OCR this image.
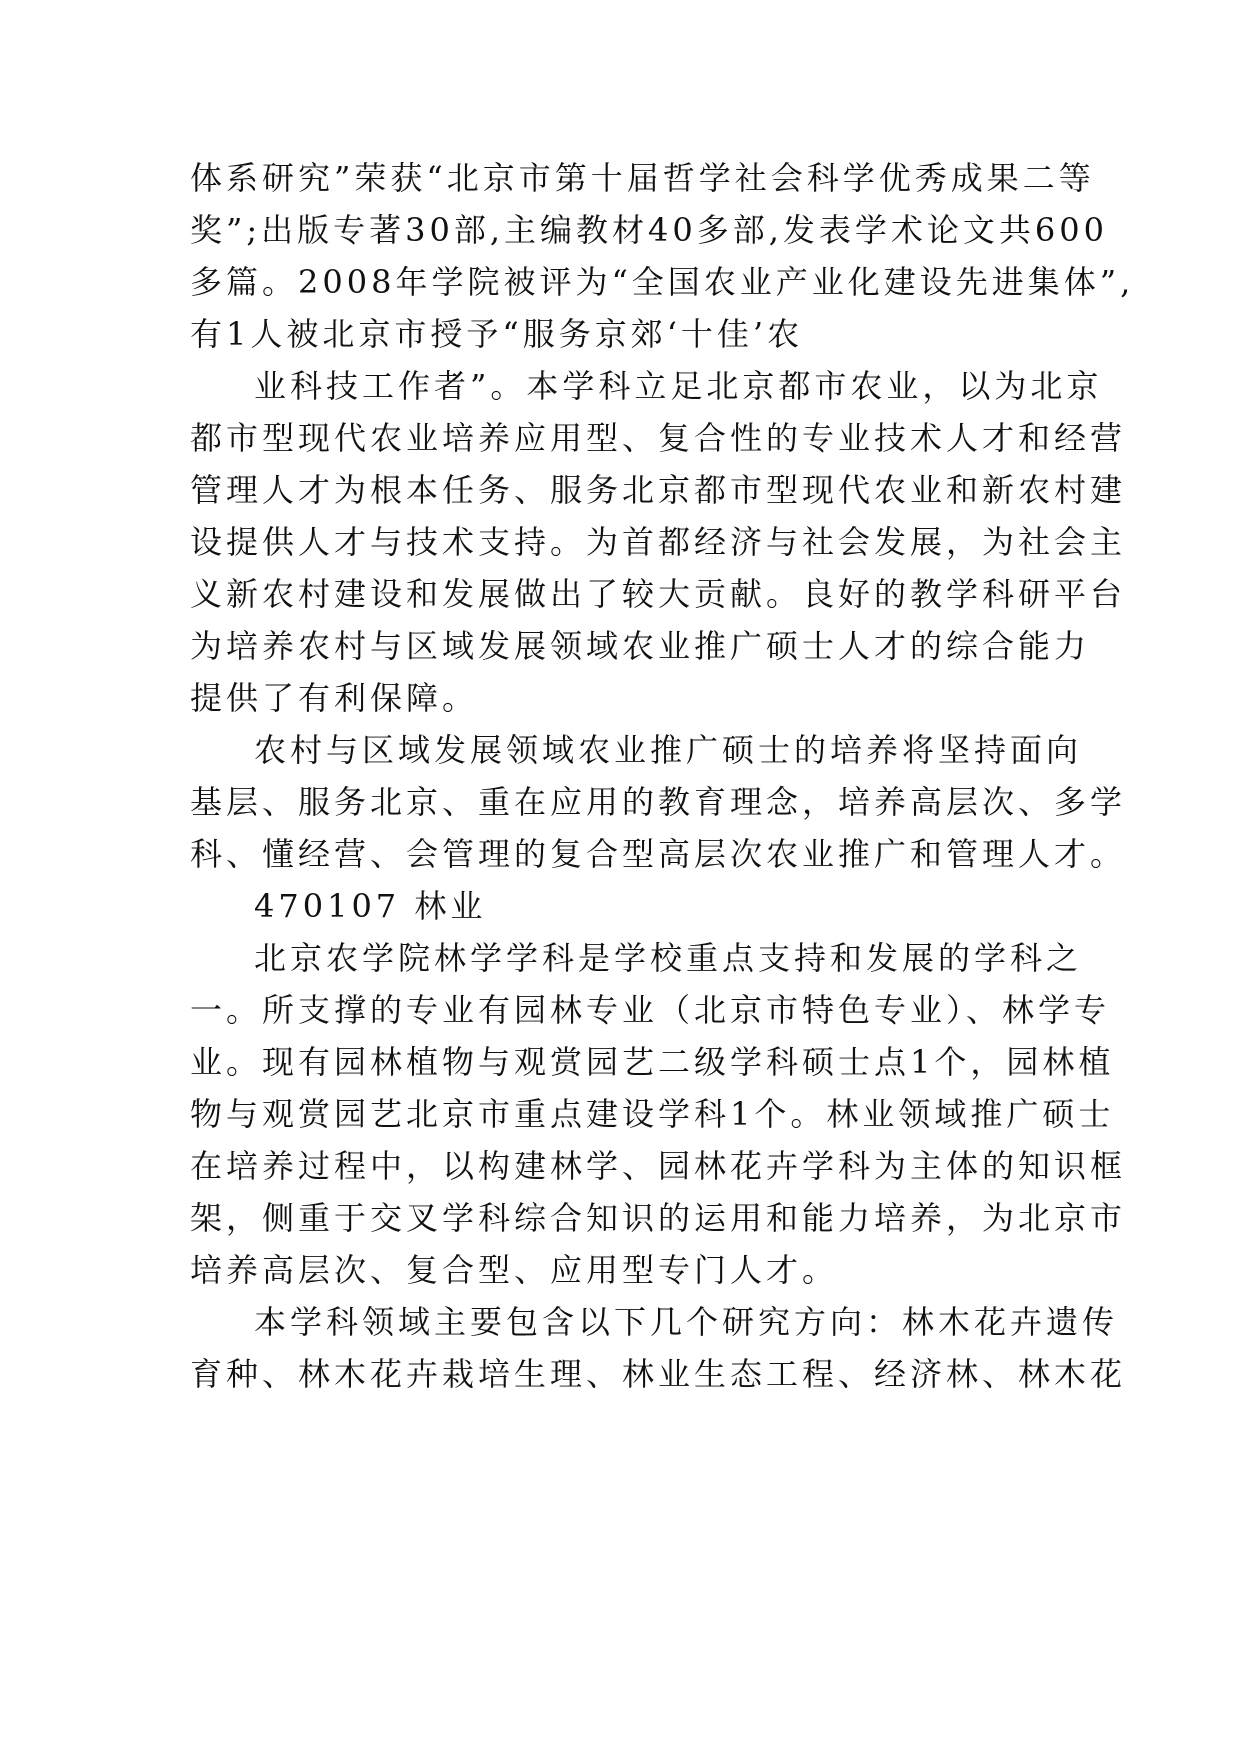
体系研究”荣获“北京市第十届哲学社会科学优秀成果二等
奖”;出版专著30部,主编教材40多部,发表学术论文共600
多篇。2008年学院被评为“全国农业产业化建设先进集体”,
有1人被北京市授予“服务京郊‘十佳’农
业科技工作者”。本学科立足北京都市农业，以为北京
都市型现代农业培养应用型、复合性的专业技术人才和经营
管理人才为根本任务、服务北京都市型现代农业和新农村建
设提供人才与技术支持。为首都经济与社会发展，为社会主
义新农村建设和发展做出了较大贡献。良好的教学科研平台
为培养农村与区域发展领域农业推广硕士人才的综合能力
提供了有利保障。
农村与区域发展领域农业推广硕士的培养将坚持面向
基层、服务北京、重在应用的教育理念，培养高层次、多学
科、懂经营、会管理的复合型高层次农业推广和管理人才。
470107 林业
北京农学院林学学科是学校重点支持和发展的学科之
一。所支撑的专业有园林专业（北京市特色专业）、林学专
业。现有园林植物与观赏园艺二级学科硕士点1个，园林植
物与观赏园艺北京市重点建设学科1个。林业领域推广硕士
在培养过程中，以构建林学、园林花卉学科为主体的知识框
架，侧重于交叉学科综合知识的运用和能力培养，为北京市
培养高层次、复合型、应用型专门人才。
本学科领域主要包含以下几个研究方向：林木花卉遗传
育种、林木花卉栽培生理、林业生态工程、经济林、林木花
